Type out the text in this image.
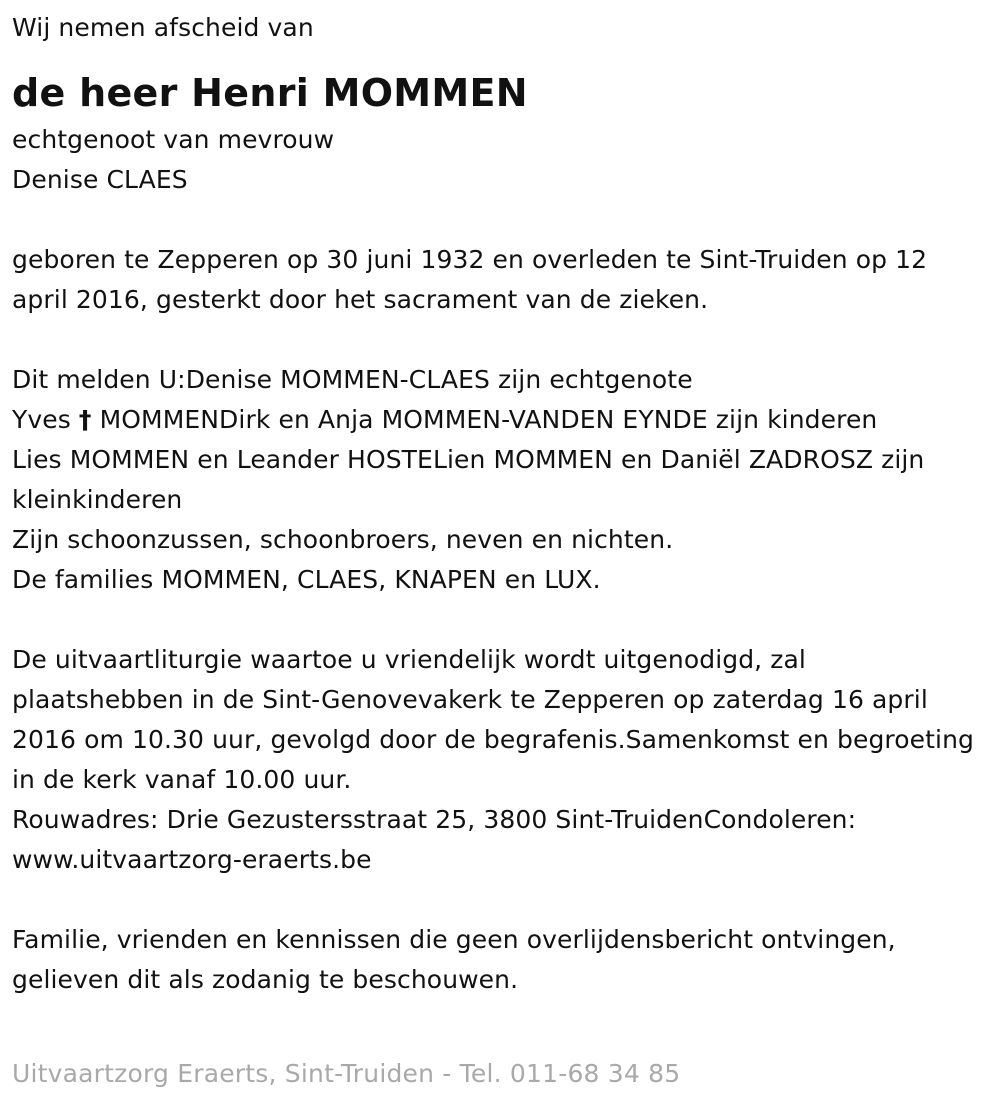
Wij nemen afscheid van
de heer Henri MOMMEN
echtgenoot van mevrouw
Denise CLAES

geboren te Zepperen op 30 juni 1932 en overleden te Sint-Truiden op 12 april 2016, gesterkt door het sacrament van de zieken.

Dit melden U:Denise MOMMEN-CLAES zijn echtgenote
Yves † MOMMENDirk en Anja MOMMEN-VANDEN EYNDE zijn kinderen

Lies MOMMEN en Leander HOSTELien MOMMEN en Daniël ZADROSZ zijn kleinkinderen

Zijn schoonzussen, schoonbroers, neven en nichten.
De families MOMMEN, CLAES, KNAPEN en LUX.

De uitvaartliturgie waartoe u vriendelijk wordt uitgenodigd, zal plaatshebben in de Sint-Genovevakerk te Zepperen op zaterdag 16 april 2016 om 10.30 uur, gevolgd door de begrafenis.Samenkomst en begroeting in de kerk vanaf 10.00 uur.

Rouwadres: Drie Gezustersstraat 25, 3800 Sint-TruidenCondoleren: www.uitvaartzorg-eraerts.be

Familie, vrienden en kennissen die geen overlijdensbericht ontvingen, gelieven dit als zodanig te beschouwen.

Uitvaartzorg Eraerts, Sint-Truiden - Tel. 011-68 34 85
